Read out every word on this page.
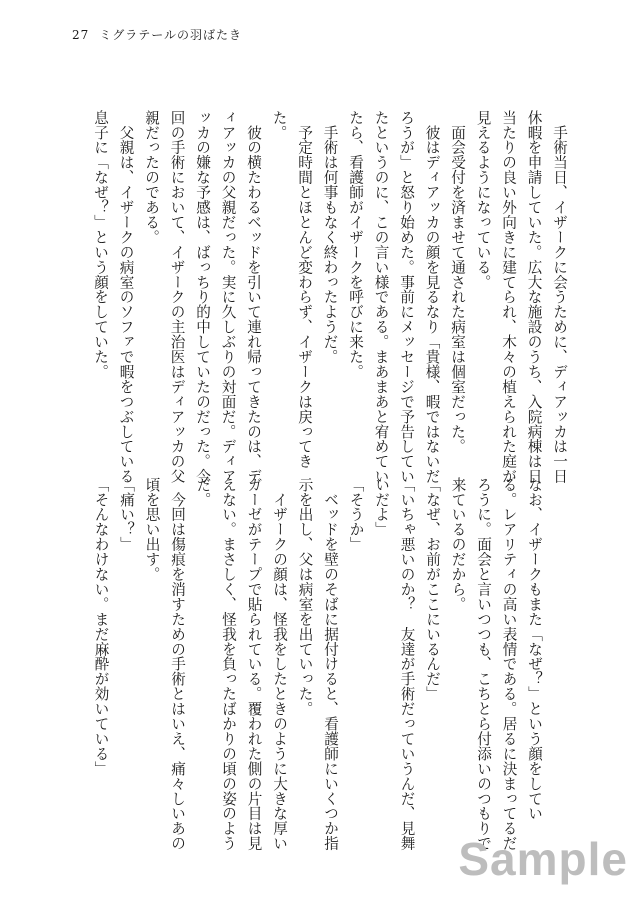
27 ミグラテールの羽ばたき

　手術当日、イザークに会うために、ディアッカは一日

休暇を申請していた。広大な施設のうち、入院病棟は日

当たりの良い外向きに建てられ、木々の植えられた庭が

見えるようになっている。

　面会受付を済ませて通された病室は個室だった。

　彼はディアッカの顔を見るなり「貴様、暇ではないだ

ろうが」と怒り始めた。事前にメッセージで予告してい

たというのに、この言い様である。まあまあと宥めてい

たら、看護師がイザークを呼びに来た。

　手術は何事もなく終わったようだ。

　予定時間とほとんど変わらず、イザークは戻ってき

た。

　彼の横たわるベッドを引いて連れ帰ってきたのは、デ

ィアッカの父親だった。実に久しぶりの対面だ。ディア

ッカの嫌な予感は、ばっちり的中していたのだった。今

回の手術において、イザークの主治医はディアッカの父

親だったのである。

　父親は、イザークの病室のソファで暇をつぶしている

息子に「なぜ？」という顔をしていた。

なお、イザークもまた「なぜ？」という顔をしてい

る。レアリティの高い表情である。居るに決まってるだ

ろうに。面会と言いつつも、こちとら付添いのつもりで

来ているのだから。

「なぜ、お前がここにいるんだ」

「いちゃ悪いのか？　友達が手術だっていうんだ、見舞

いだよ」

「そうか」

　ベッドを壁のそばに据付けると、看護師にいくつか指

示を出し、父は病室を出ていった。

　イザークの顔は、怪我をしたときのように大きな厚い

ガーゼがテープで貼られている。覆われた側の片目は見

えない。まさしく、怪我を負ったばかりの頃の姿のよう

だ。

　今回は傷痕を消すための手術とはいえ、痛々しいあの

頃を思い出す。

「痛い？」

「そんなわけない。まだ麻酔が効いている」

Sample
